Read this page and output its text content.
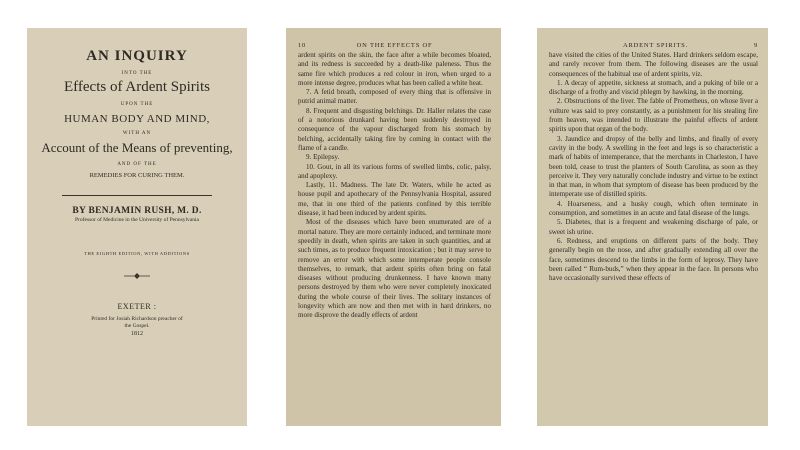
AN INQUIRY
INTO THE
Effects of Ardent Spirits
UPON THE
HUMAN BODY AND MIND,
WITH AN
Account of the Means of preventing,
AND OF THE
REMEDIES FOR CURING THEM.
BY BENJAMIN RUSH, M. D.
Professor of Medicine in the University of Pennsylvania
THE EIGHTH EDITION, WITH ADDITIONS
EXETER :
Printed for Josiah Richardson preacher of
the Gospel.
1812
10	ON THE EFFECTS OF

ardent spirits on the skin, the face after a while becomes bloated, and its redness is succeeded by a death-like paleness. Thus the same fire which produces a red colour in iron, when urged to a more intense degree, produces what has been called a white heat.

7. A fetid breath, composed of every thing that is offensive in putrid animal matter.

8. Frequent and disgusting belchings. Dr. Haller relates the case of a notorious drunkard having been suddenly destroyed in consequence of the vapour discharged from his stomach by belching, accidentally taking fire by coming in contact with the flame of a candle.

9. Epilepsy.

10. Gout, in all its various forms of swelled limbs, colic, palsy, and apoplexy.

Lastly, 11. Madness. The late Dr. Waters, while he acted as house pupil and apothecary of the Pennsylvania Hospital, assured me, that in one third of the patients confined by this terrible disease, it had been induced by ardent spirits.

Most of the diseases which have been enumerated are of a mortal nature. They are more certainly induced, and terminate more speedily in death, when spirits are taken in such quantities, and at such times, as to produce frequent intoxication ; but it may serve to remove an error with which some intemperate people console themselves, to remark, that ardent spirits often bring on fatal diseases without producing drunkenness. I have known many persons destroyed by them who were never completely inoxicated during the whole course of their lives. The solitary instances of longevity which are now and then met with in hard drinkers, no more disprove the deadly effects of ardent

ARDENT SPIRITS.	9

have visited the cities of the United States. Hard drinkers seldom escape, and rarely recover from them. The following diseases are the usual consequences of the habitual use of ardent spirits, viz.

1. A decay of appetite, sickness at stomach, and a puking of bile or a discharge of a frothy and viscid phlegm by hawking, in the morning.

2. Obstructions of the liver. The fable of Prometheus, on whose liver a vulture was said to prey constantly, as a punishment for his stealing fire from heaven, was intended to illustrate the painful effects of ardent spirits upon that organ of the body.

3. Jaundice and dropsy of the belly and limbs, and finally of every cavity in the body. A swelling in the feet and legs is so characteristic a mark of habits of intemperance, that the merchants in Charleston, I have been told, cease to trust the planters of South Carolina, as soon as they perceive it. They very naturally conclude industry and virtue to be extinct in that man, in whom that symptom of disease has been produced by the intemperate use of distilled spirits.

4. Hoarseness, and a husky cough, which often terminate in consumption, and sometimes in an acute and fatal disease of the lungs.

5. Diabetes, that is a frequent and weakening discharge of pale, or sweet ish urine.

6. Redness, and eruptions on different parts of the body. They generally begin on the nose, and after gradually extending all over the face, sometimes descend to the limbs in the form of leprosy. They have been called “ Rum-buds,” when they appear in the face. In persons who have occasionally survived these effects of
